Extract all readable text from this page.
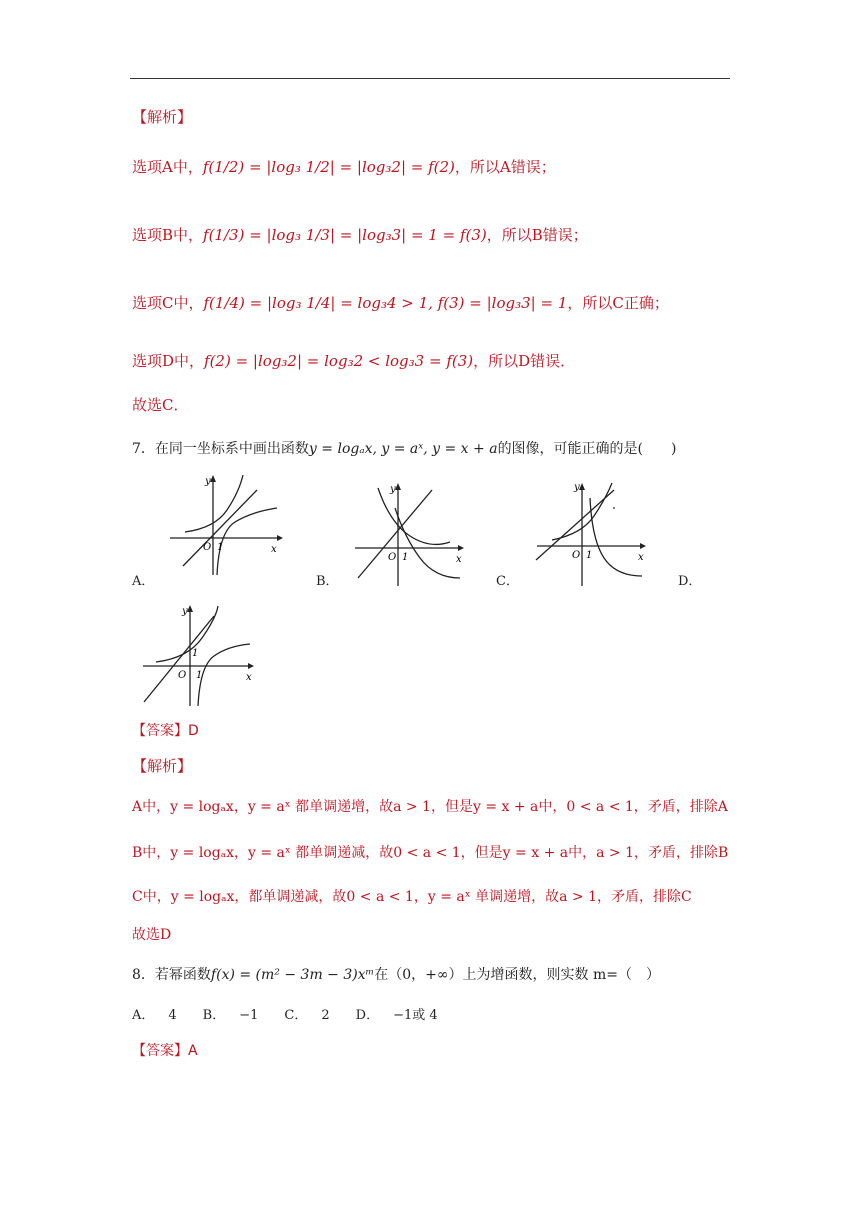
【解析】
选项A中，f(1/2) = |log₃ 1/2| = |log₃2| = f(2)，所以A错误；
选项B中，f(1/3) = |log₃ 1/3| = |log₃3| = 1 = f(3)，所以B错误；
选项C中，f(1/4) = |log₃ 1/4| = log₃4 > 1, f(3) = |log₃3| = 1，所以C正确；
选项D中，f(2) = |log₃2| = log₃2 < log₃3 = f(3)，所以D错误．
故选C．
7．在同一坐标系中画出函数y = logₐx, y = aˣ, y = x + a的图像，可能正确的是(　　)
y
x
O 1
A．
y
x
O 1
B．
y
x
O 1
C．	D．
y
x
O 1
1
【答案】D
【解析】
A中，y = logₐx，y = aˣ 都单调递增，故a > 1，但是y = x + a中，0 < a < 1，矛盾，排除A
B中，y = logₐx，y = aˣ 都单调递减，故0 < a < 1，但是y = x + a中，a > 1，矛盾，排除B
C中，y = logₐx，都单调递减，故0 < a < 1，y = aˣ 单调递增，故a > 1，矛盾，排除C
故选D
8．若幂函数f(x) = (m² − 3m − 3)xᵐ在（0，+∞）上为增函数，则实数 m=（　）
A． 4 B． −1 C． 2 D． −1或 4
【答案】A
